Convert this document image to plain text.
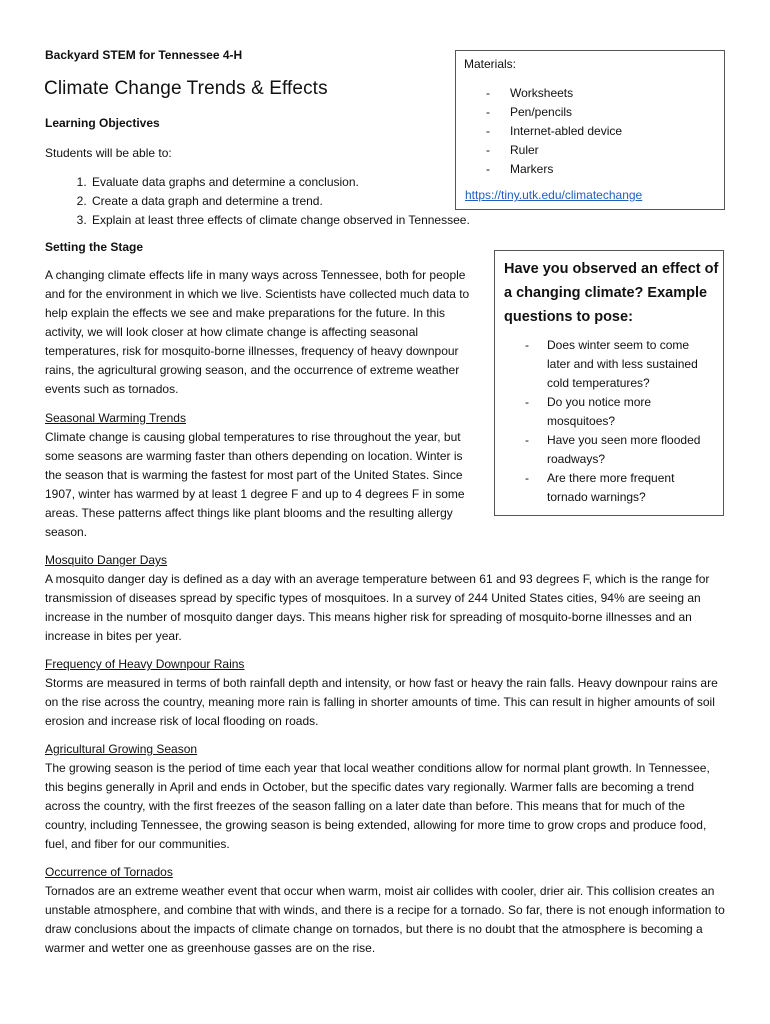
Backyard STEM for Tennessee 4-H
Climate Change Trends & Effects
Learning Objectives
Students will be able to:
1. Evaluate data graphs and determine a conclusion.
2. Create a data graph and determine a trend.
3. Explain at least three effects of climate change observed in Tennessee.
Materials:
- Worksheets
- Pen/pencils
- Internet-abled device
- Ruler
- Markers
https://tiny.utk.edu/climatechange
Setting the Stage

A changing climate effects life in many ways across Tennessee, both for people and for the environment in which we live. Scientists have collected much data to help explain the effects we see and make preparations for the future. In this activity, we will look closer at how climate change is affecting seasonal temperatures, risk for mosquito-borne illnesses, frequency of heavy downpour rains, the agricultural growing season, and the occurrence of extreme weather events such as tornados.

Have you observed an effect of a changing climate? Example questions to pose:
- Does winter seem to come later and with less sustained cold temperatures?
- Do you notice more mosquitoes?
- Have you seen more flooded roadways?
- Are there more frequent tornado warnings?
Seasonal Warming Trends

Climate change is causing global temperatures to rise throughout the year, but some seasons are warming faster than others depending on location. Winter is the season that is warming the fastest for most part of the United States. Since 1907, winter has warmed by at least 1 degree F and up to 4 degrees F in some areas. These patterns affect things like plant blooms and the resulting allergy season.

Mosquito Danger Days

A mosquito danger day is defined as a day with an average temperature between 61 and 93 degrees F, which is the range for transmission of diseases spread by specific types of mosquitoes. In a survey of 244 United States cities, 94% are seeing an increase in the number of mosquito danger days. This means higher risk for spreading of mosquito-borne illnesses and an increase in bites per year.

Frequency of Heavy Downpour Rains

Storms are measured in terms of both rainfall depth and intensity, or how fast or heavy the rain falls. Heavy downpour rains are on the rise across the country, meaning more rain is falling in shorter amounts of time. This can result in higher amounts of soil erosion and increase risk of local flooding on roads.

Agricultural Growing Season

The growing season is the period of time each year that local weather conditions allow for normal plant growth. In Tennessee, this begins generally in April and ends in October, but the specific dates vary regionally. Warmer falls are becoming a trend across the country, with the first freezes of the season falling on a later date than before. This means that for much of the country, including Tennessee, the growing season is being extended, allowing for more time to grow crops and produce food, fuel, and fiber for our communities.

Occurrence of Tornados

Tornados are an extreme weather event that occur when warm, moist air collides with cooler, drier air. This collision creates an unstable atmosphere, and combine that with winds, and there is a recipe for a tornado. So far, there is not enough information to draw conclusions about the impacts of climate change on tornados, but there is no doubt that the atmosphere is becoming a warmer and wetter one as greenhouse gasses are on the rise.
